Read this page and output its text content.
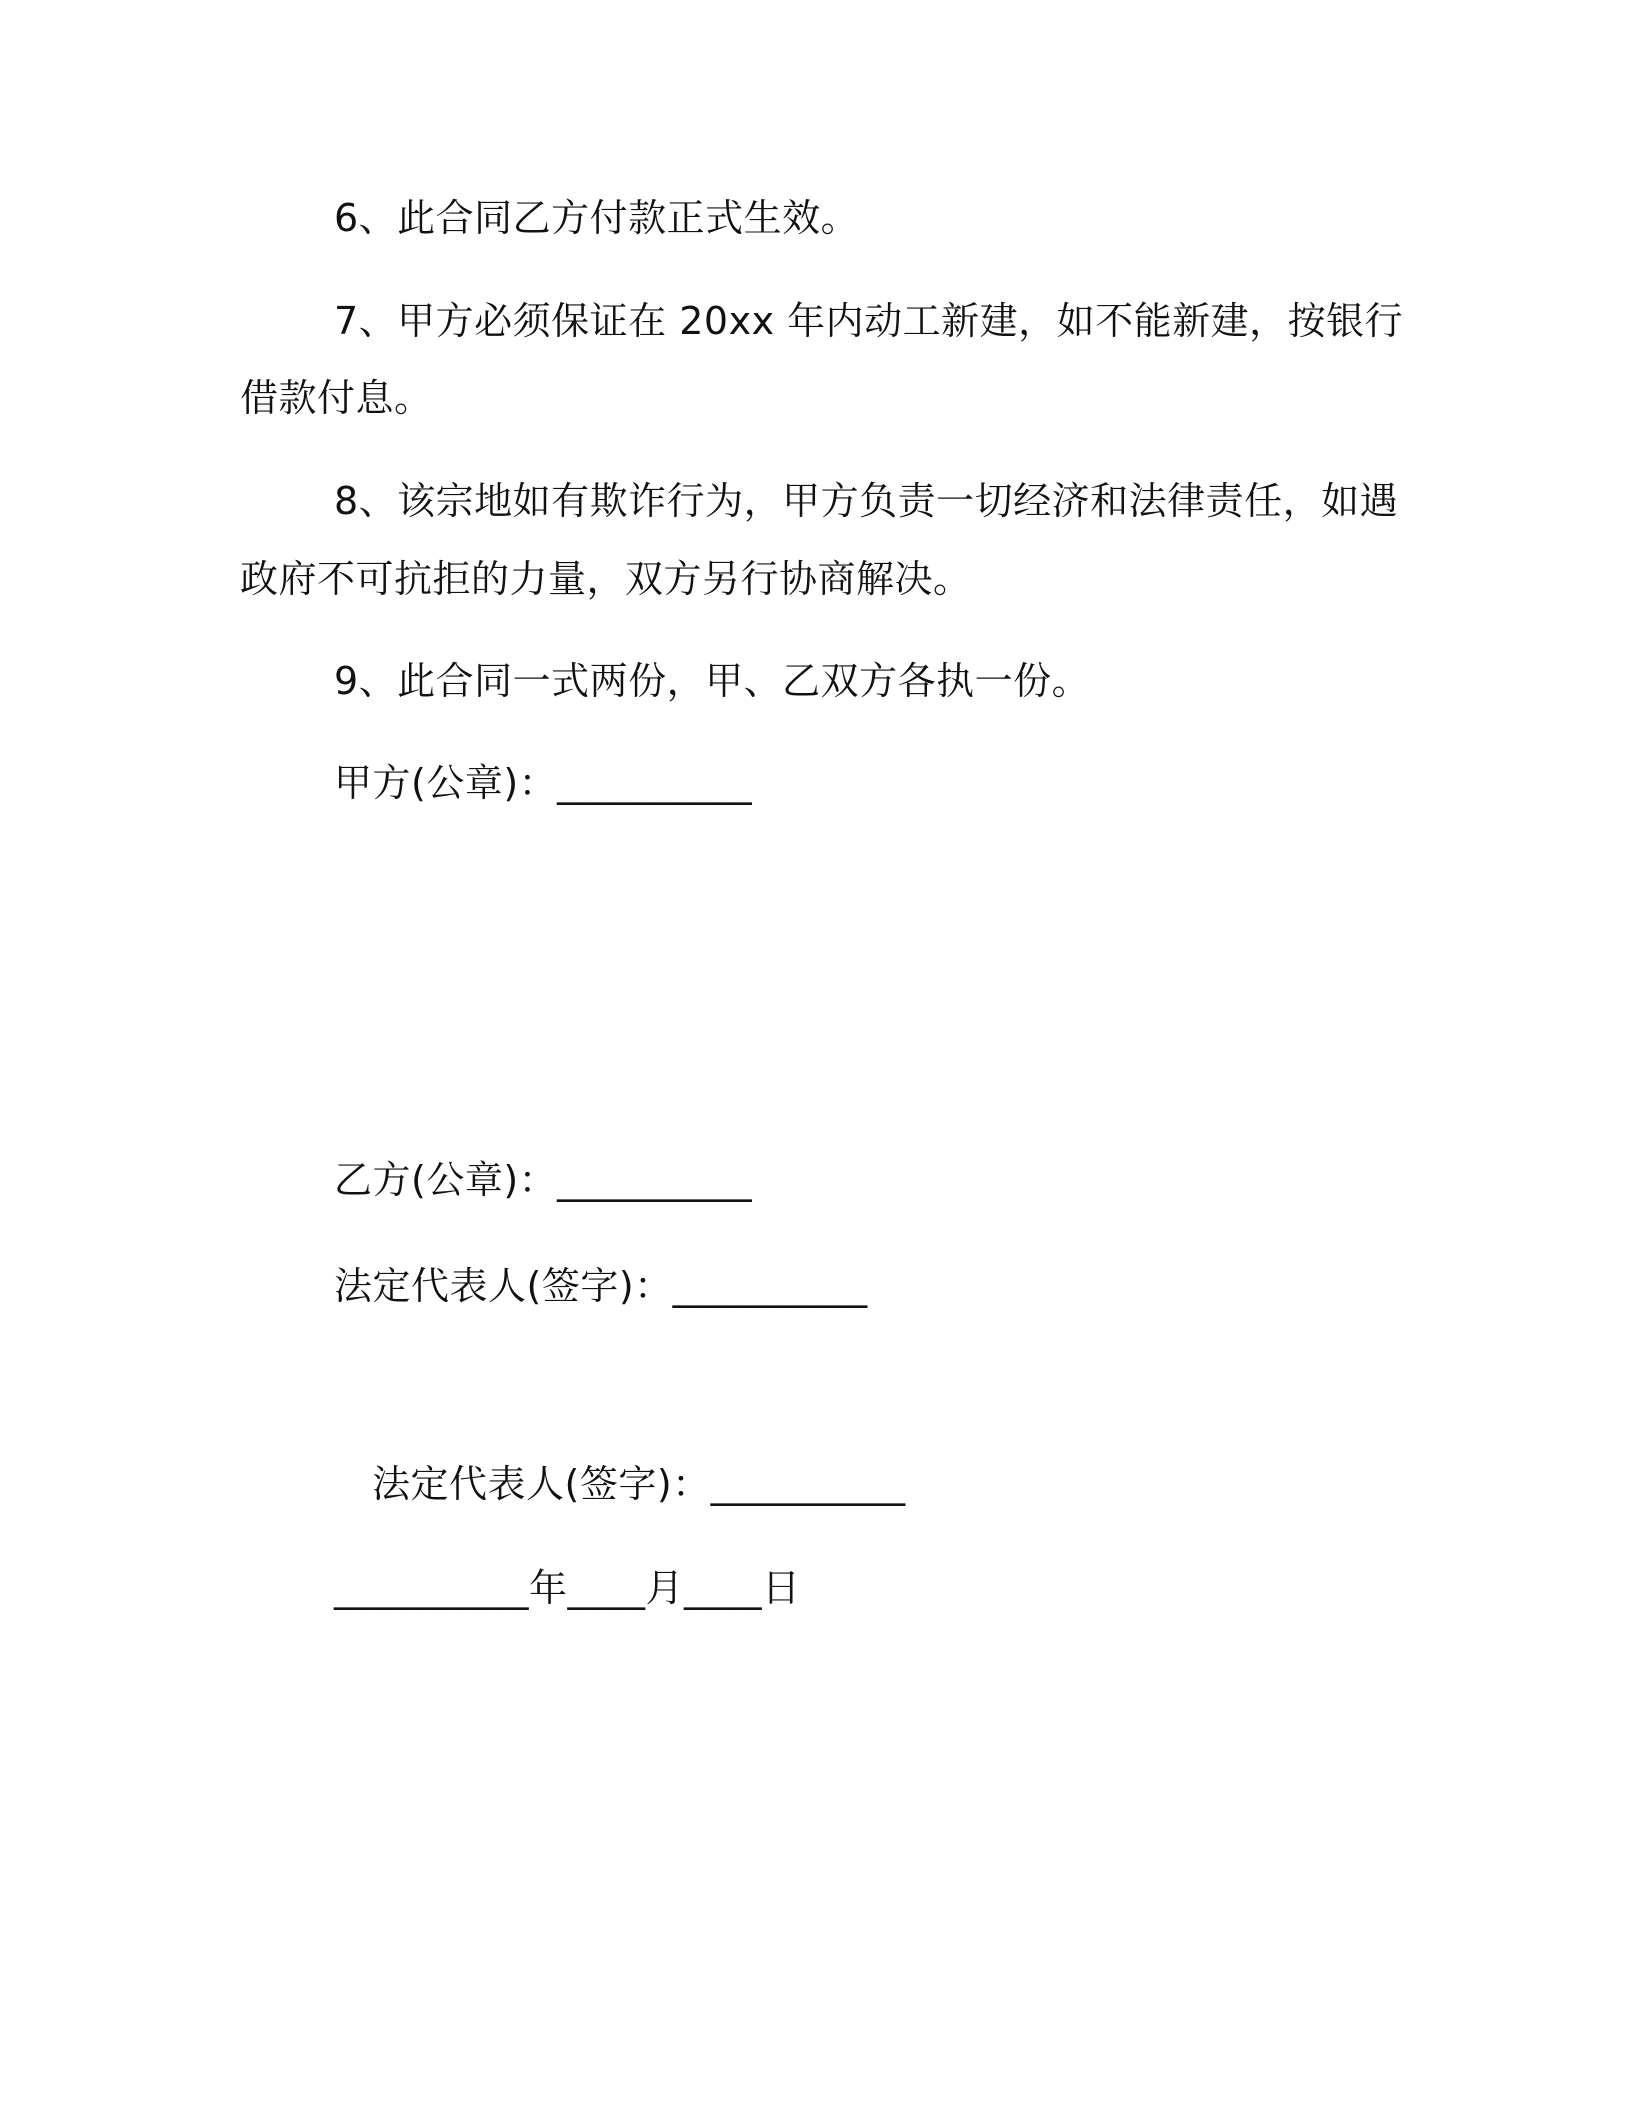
6、此合同乙方付款正式生效。
7、甲方必须保证在 20xx 年内动工新建，如不能新建，按银行
借款付息。
8、该宗地如有欺诈行为，甲方负责一切经济和法律责任，如遇
政府不可抗拒的力量，双方另行协商解决。
9、此合同一式两份，甲、乙双方各执一份。
甲方(公章)：__________
乙方(公章)：__________
法定代表人(签字)：__________
法定代表人(签字)：__________
__________年____月____日
